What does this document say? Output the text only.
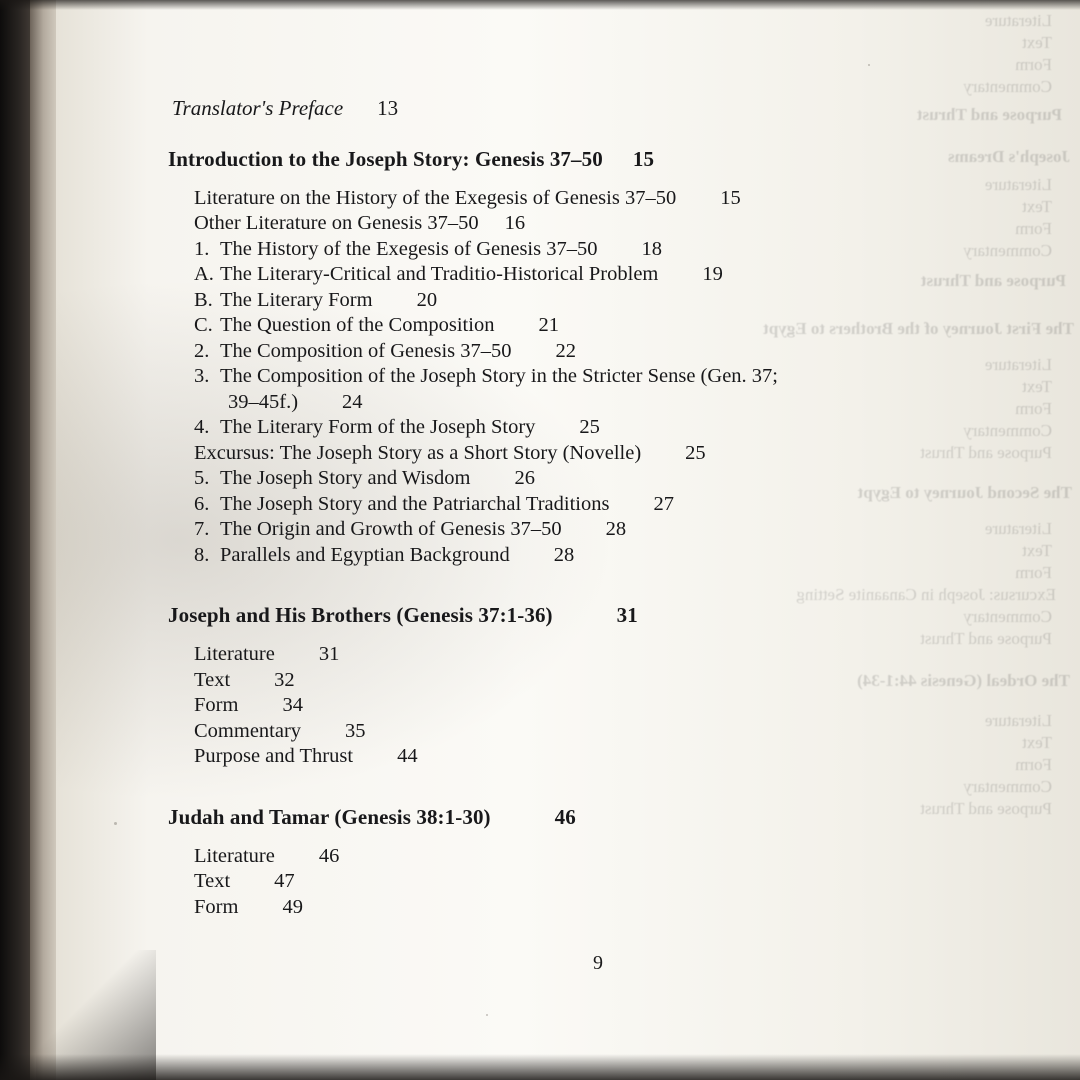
Literature
Text
Form
Commentary
Purpose and Thrust
Joseph's Dreams
Literature
Text
Form
Commentary
Purpose and Thrust
The First Journey of the Brothers to Egypt
Literature
Text
Form
Commentary
Purpose and Thrust
The Second Journey to Egypt
Literature
Text
Form
Excursus: Joseph in Canaanite Setting
Commentary
Purpose and Thrust
The Ordeal (Genesis 44:1-34)
Literature
Text
Form
Commentary
Purpose and Thrust
Translator's Preface 13
Introduction to the Joseph Story: Genesis 37–50 15
Literature on the History of the Exegesis of Genesis 37–50 15
Other Literature on Genesis 37–50 16
1. The History of the Exegesis of Genesis 37–50 18
A. The Literary-Critical and Traditio-Historical Problem 19
B. The Literary Form 20
C. The Question of the Composition 21
2. The Composition of Genesis 37–50 22
3. The Composition of the Joseph Story in the Stricter Sense (Gen. 37;
39–45f.) 24
4. The Literary Form of the Joseph Story 25
Excursus: The Joseph Story as a Short Story (Novelle) 25
5. The Joseph Story and Wisdom 26
6. The Joseph Story and the Patriarchal Traditions 27
7. The Origin and Growth of Genesis 37–50 28
8. Parallels and Egyptian Background 28
Joseph and His Brothers (Genesis 37:1-36)	31
Literature 31
Text 32
Form 34
Commentary 35
Purpose and Thrust 44
Judah and Tamar (Genesis 38:1-30)	46
Literature 46
Text 47
Form 49
9
